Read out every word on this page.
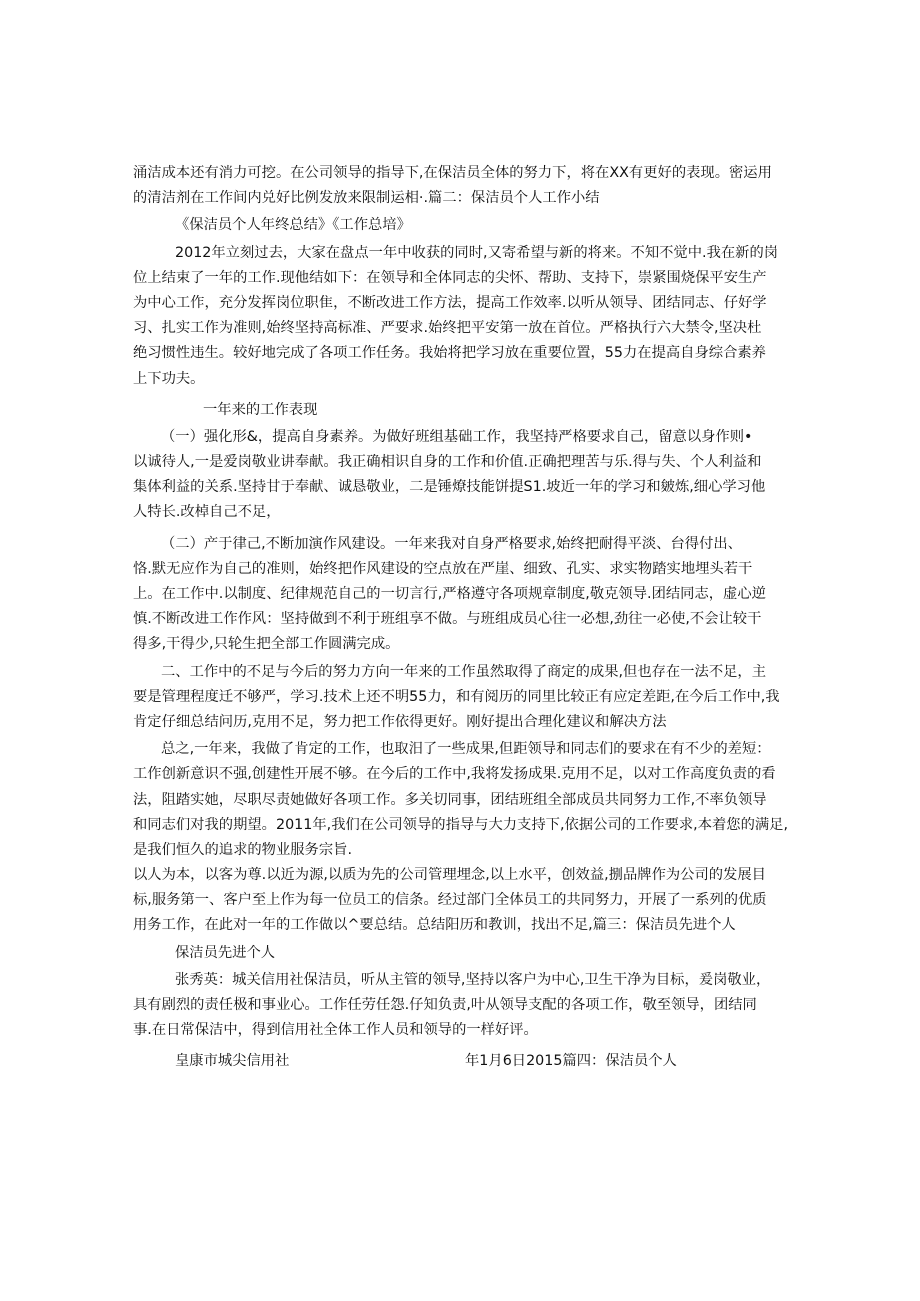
涌洁成本还有消力可挖。在公司领导的指导下,在保洁员全体的努力下，将在XX有更好的表现。密运用
的清洁剂在工作间内兑好比例发放来限制运相·.篇二：保洁员个人工作小结
《保洁员个人年终总结》《工作总培》
2012年立刻过去，大家在盘点一年中收获的同时,又寄希望与新的将来。不知不觉中.我在新的岗
位上结束了一年的工作.现他结如下：在领导和全体同志的尖怀、帮助、支持下，崇紧围烧保平安生产
为中心工作，充分发挥岗位职隹，不断改进工作方法，提高工作效率.以听从领导、团结同志、仔好学
习、扎实工作为准则,始终坚持高标准、严要求.始终把平安第一放在首位。严格执行六大禁令,坚决杜
绝习惯性违生。较好地完成了各项工作任务。我始将把学习放在重要位置，55力在提高自身综合素养
上下功夫。
一年来的工作表现
（一）强化形&，提高自身素养。为做好班组基础工作，我坚持严格要求自己，留意以身作则•
以诚待人,一是爱岗敬业讲奉献。我正确相识自身的工作和价值.正确把理苦与乐.得与失、个人利益和
集体利益的关系.坚持甘于奉献、诚恳敬业，二是锤燎技能饼提S1.坡近一年的学习和皴炼,细心学习他
人特长.改棹自己不足，
（二）产于律己,不断加演作风建设。一年来我对自身严格要求,始终把耐得平淡、台得付出、
恪.默无应作为自己的准则，始终把作风建设的空点放在严崖、细致、孔实、求实物踏实地埋头若干
上。在工作中.以制度、纪律规范自己的一切言行,严格遵守各项规章制度,敬克领导.团结同志，虚心逆
慎.不断改进工作作风：坚持做到不利于班组享不做。与班组成员心往一必想,劲往一必使,不会让较干
得多,干得少,只轮生把全部工作圆满完成。
二、工作中的不足与今后的努力方向一年来的工作虽然取得了商定的成果,但也存在一法不足，主
要是管理程度迁不够严，学习.技术上还不明55力，和有阅历的同里比较正有应定差距,在今后工作中,我
肯定仔细总结问历,克用不足，努力把工作依得更好。刚好提出合理化建议和解决方法
总之,一年来，我做了肯定的工作，也取汨了一些成果,但距领导和同志们的要求在有不少的差短：
工作创新意识不强,创建性开展不够。在今后的工作中,我将发扬成果.克用不足，以对工作高度负责的看
法，阻踏实她，尽职尽责她做好各项工作。多关切同事，团结班组全部成员共同努力工作,不率负领导
和同志们对我的期望。2011年,我们在公司领导的指导与大力支持下,依据公司的工作要求,本着您的满足,
是我们恒久的追求的物业服务宗旨.
以人为本，以客为尊.以近为源,以质为先的公司管理埋念,以上水平，创效益,捌品牌作为公司的发展目
标,服务第一、客户至上作为每一位员工的信条。经过部门全体员工的共同努力，开展了一系列的优质
用务工作，在此对一年的工作做以^要总结。总结阳历和教训，找出不足,篇三：保洁员先进个人
保洁员先进个人
张秀英：城关信用社保洁员，听从主管的领导,坚持以客户为中心,卫生干净为目标，爰岗敬业，
具有剧烈的责任极和事业心。工作任劳任怨.仔知负责,叶从领导支配的各项工作，敬至领导，团结同
事.在日常保洁中，得到信用社全体工作人员和领导的一样好评。
皇康市城尖信用社	年1月6日2015篇四：保洁员个人
